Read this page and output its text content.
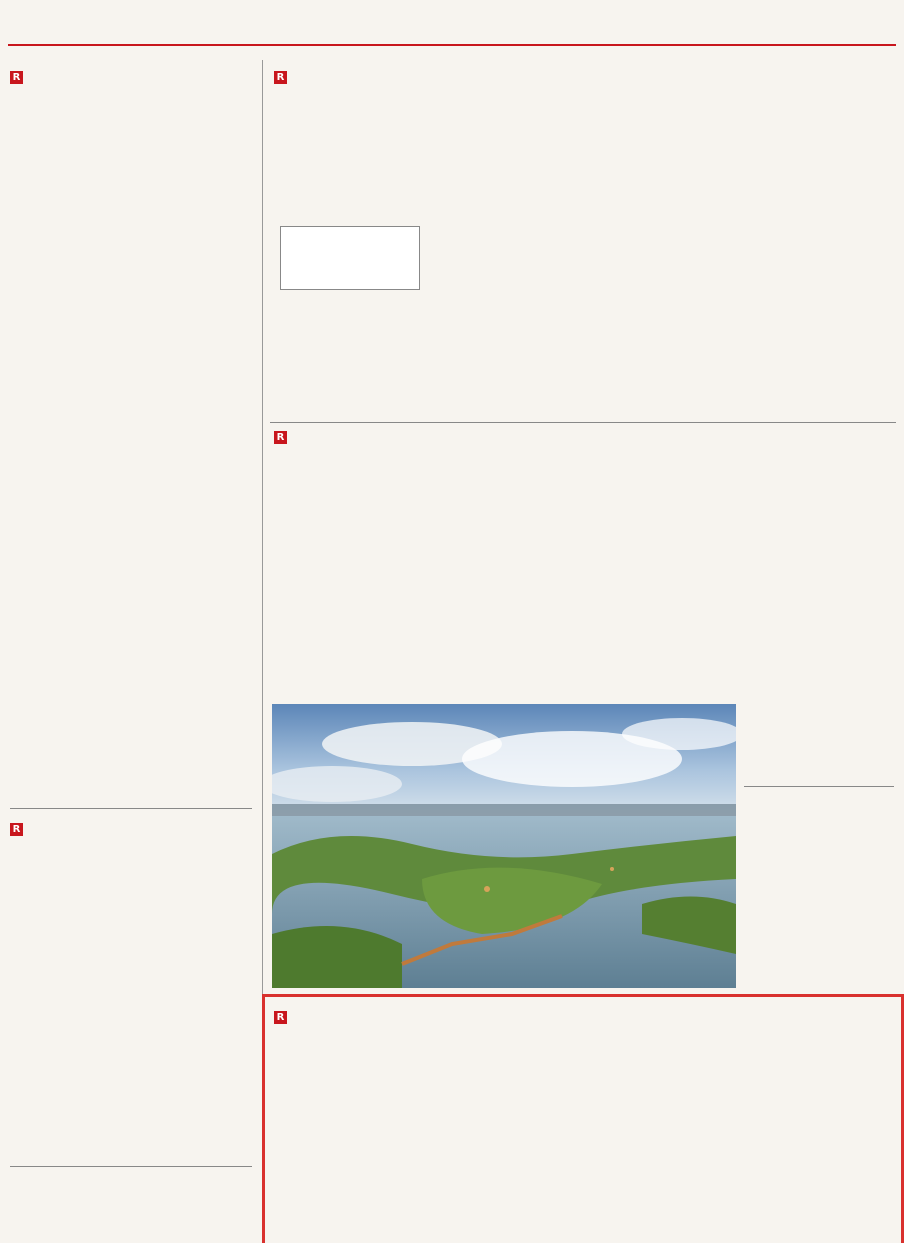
R
R
R
R
R
